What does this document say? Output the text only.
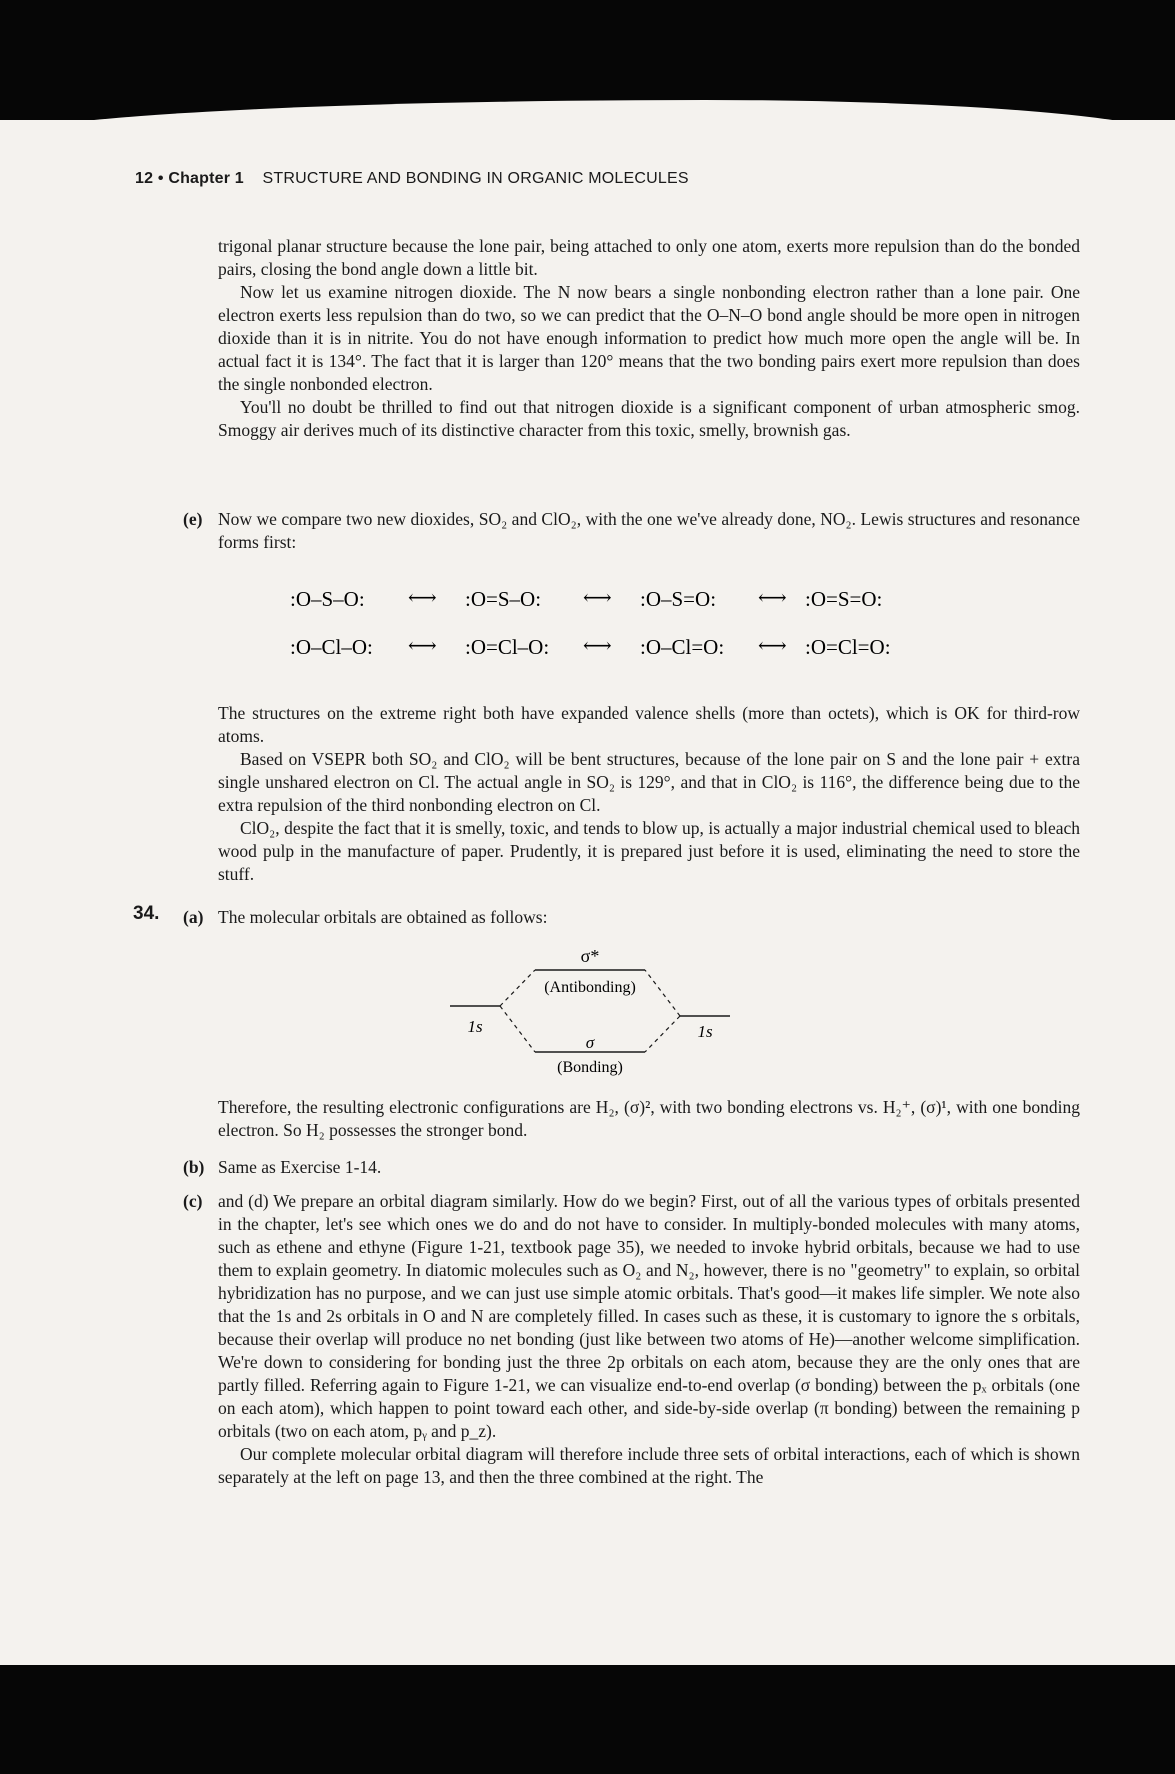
12 • Chapter 1 STRUCTURE AND BONDING IN ORGANIC MOLECULES

trigonal planar structure because the lone pair, being attached to only one atom, exerts more repulsion than do the bonded pairs, closing the bond angle down a little bit.

Now let us examine nitrogen dioxide. The N now bears a single nonbonding electron rather than a lone pair. One electron exerts less repulsion than do two, so we can predict that the O–N–O bond angle should be more open in nitrogen dioxide than it is in nitrite. You do not have enough information to predict how much more open the angle will be. In actual fact it is 134°. The fact that it is larger than 120° means that the two bonding pairs exert more repulsion than does the single nonbonded electron.

You'll no doubt be thrilled to find out that nitrogen dioxide is a significant component of urban atmospheric smog. Smoggy air derives much of its distinctive character from this toxic, smelly, brownish gas.

(e) Now we compare two new dioxides, SO₂ and ClO₂, with the one we've already done, NO₂. Lewis structures and resonance forms first:

:O–S–O: ⟷ :O=S–O: ⟷ :O–S=O: ⟷ :O=S=O:
:O–Cl–O: ⟷ :O=Cl–O: ⟷ :O–Cl=O: ⟷ :O=Cl=O:

The structures on the extreme right both have expanded valence shells (more than octets), which is OK for third-row atoms.

Based on VSEPR both SO₂ and ClO₂ will be bent structures, because of the lone pair on S and the lone pair + extra single unshared electron on Cl. The actual angle in SO₂ is 129°, and that in ClO₂ is 116°, the difference being due to the extra repulsion of the third nonbonding electron on Cl.

ClO₂, despite the fact that it is smelly, toxic, and tends to blow up, is actually a major industrial chemical used to bleach wood pulp in the manufacture of paper. Prudently, it is prepared just before it is used, eliminating the need to store the stuff.

34. (a) The molecular orbitals are obtained as follows:

σ*
(Antibonding)
1s	1s
σ
(Bonding)

Therefore, the resulting electronic configurations are H₂, (σ)², with two bonding electrons vs. H₂⁺, (σ)¹, with one bonding electron. So H₂ possesses the stronger bond.

(b) Same as Exercise 1-14.

(c) and (d) We prepare an orbital diagram similarly. How do we begin? First, out of all the various types of orbitals presented in the chapter, let's see which ones we do and do not have to consider. In multiply-bonded molecules with many atoms, such as ethene and ethyne (Figure 1-21, textbook page 35), we needed to invoke hybrid orbitals, because we had to use them to explain geometry. In diatomic molecules such as O₂ and N₂, however, there is no "geometry" to explain, so orbital hybridization has no purpose, and we can just use simple atomic orbitals. That's good—it makes life simpler. We note also that the 1s and 2s orbitals in O and N are completely filled. In cases such as these, it is customary to ignore the s orbitals, because their overlap will produce no net bonding (just like between two atoms of He)—another welcome simplification. We're down to considering for bonding just the three 2p orbitals on each atom, because they are the only ones that are partly filled. Referring again to Figure 1-21, we can visualize end-to-end overlap (σ bonding) between the pₓ orbitals (one on each atom), which happen to point toward each other, and side-by-side overlap (π bonding) between the remaining p orbitals (two on each atom, pᵧ and p_z).

Our complete molecular orbital diagram will therefore include three sets of orbital interactions, each of which is shown separately at the left on page 13, and then the three combined at the right. The
